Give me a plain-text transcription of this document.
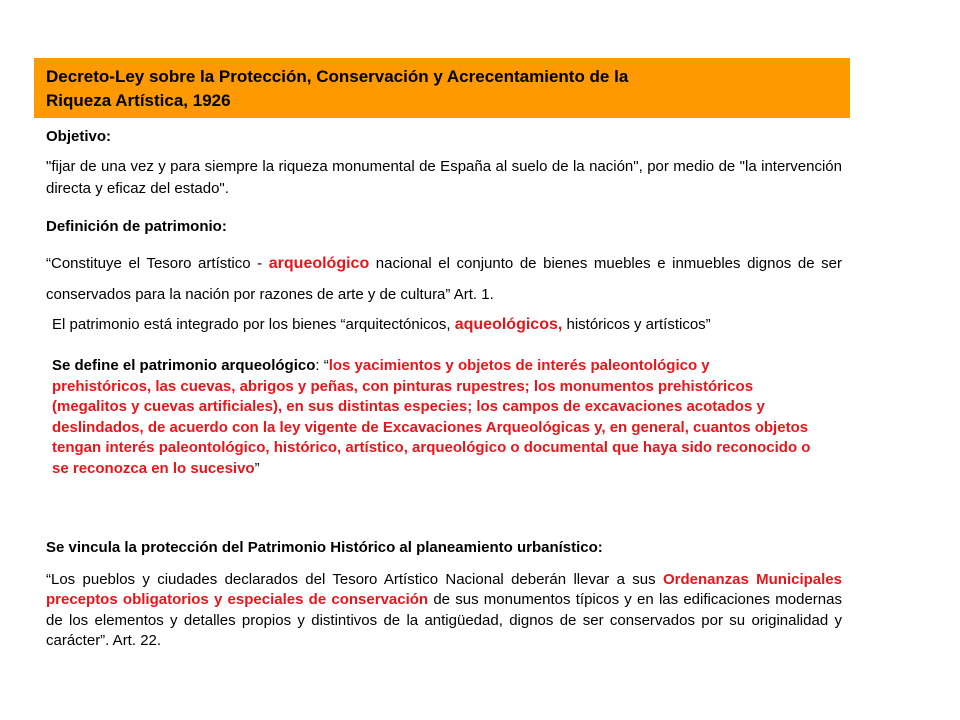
Decreto-Ley sobre la Protección, Conservación y Acrecentamiento de la
Riqueza Artística, 1926
Objetivo:
"fijar de una vez y para siempre la riqueza monumental de España al suelo de la nación", por medio de "la intervención directa y eficaz del estado".
Definición de patrimonio:
“Constituye el Tesoro artístico - arqueológico nacional el conjunto de bienes muebles e inmuebles dignos de ser conservados para la nación por razones de arte y de cultura” Art. 1.
El patrimonio está integrado por los bienes “arquitectónicos, aqueológicos, históricos y artísticos”
Se define el patrimonio arqueológico: “los yacimientos y objetos de interés paleontológico y prehistóricos, las cuevas, abrigos y peñas, con pinturas rupestres; los monumentos prehistóricos (megalitos y cuevas artificiales), en sus distintas especies; los campos de excavaciones acotados y deslindados, de acuerdo con la ley vigente de Excavaciones Arqueológicas y, en general, cuantos objetos tengan interés paleontológico, histórico, artístico, arqueológico o documental que haya sido reconocido o se reconozca en lo sucesivo”
Se vincula la protección del Patrimonio Histórico al planeamiento urbanístico:
“Los pueblos y ciudades declarados del Tesoro Artístico Nacional deberán llevar a sus Ordenanzas Municipales preceptos obligatorios y especiales de conservación de sus monumentos típicos y en las edificaciones modernas de los elementos y detalles propios y distintivos de la antigüedad, dignos de ser conservados por su originalidad y carácter”. Art. 22.
